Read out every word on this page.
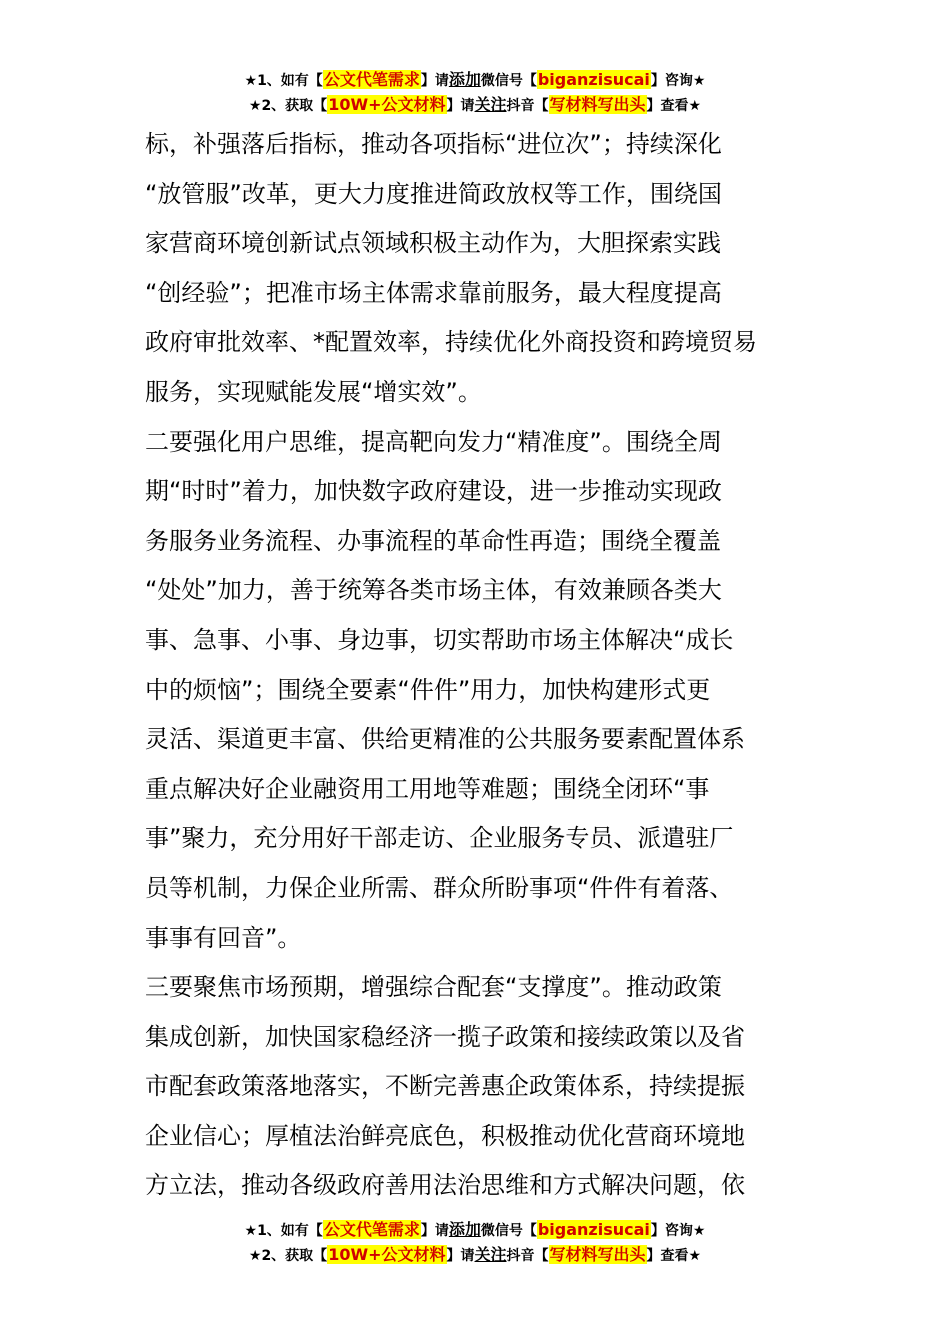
★1、如有【公文代笔需求】请添加微信号【biganzisucai】咨询★
★2、获取【10W+公文材料】请关注抖音【写材料写出头】查看★
标，补强落后指标，推动各项指标“进位次”；持续深化
“放管服”改革，更大力度推进简政放权等工作，围绕国
家营商环境创新试点领域积极主动作为，大胆探索实践
“创经验”；把准市场主体需求靠前服务，最大程度提高
政府审批效率、*配置效率，持续优化外商投资和跨境贸易
服务，实现赋能发展“增实效”。
二要强化用户思维，提高靶向发力“精准度”。围绕全周
期“时时”着力，加快数字政府建设，进一步推动实现政
务服务业务流程、办事流程的革命性再造；围绕全覆盖
“处处”加力，善于统筹各类市场主体，有效兼顾各类大
事、急事、小事、身边事，切实帮助市场主体解决“成长
中的烦恼”；围绕全要素“件件”用力，加快构建形式更
灵活、渠道更丰富、供给更精准的公共服务要素配置体系
重点解决好企业融资用工用地等难题；围绕全闭环“事
事”聚力，充分用好干部走访、企业服务专员、派遣驻厂
员等机制，力保企业所需、群众所盼事项“件件有着落、
事事有回音”。
三要聚焦市场预期，增强综合配套“支撑度”。推动政策
集成创新，加快国家稳经济一揽子政策和接续政策以及省
市配套政策落地落实，不断完善惠企政策体系，持续提振
企业信心；厚植法治鲜亮底色，积极推动优化营商环境地
方立法，推动各级政府善用法治思维和方式解决问题，依
★1、如有【公文代笔需求】请添加微信号【biganzisucai】咨询★
★2、获取【10W+公文材料】请关注抖音【写材料写出头】查看★
